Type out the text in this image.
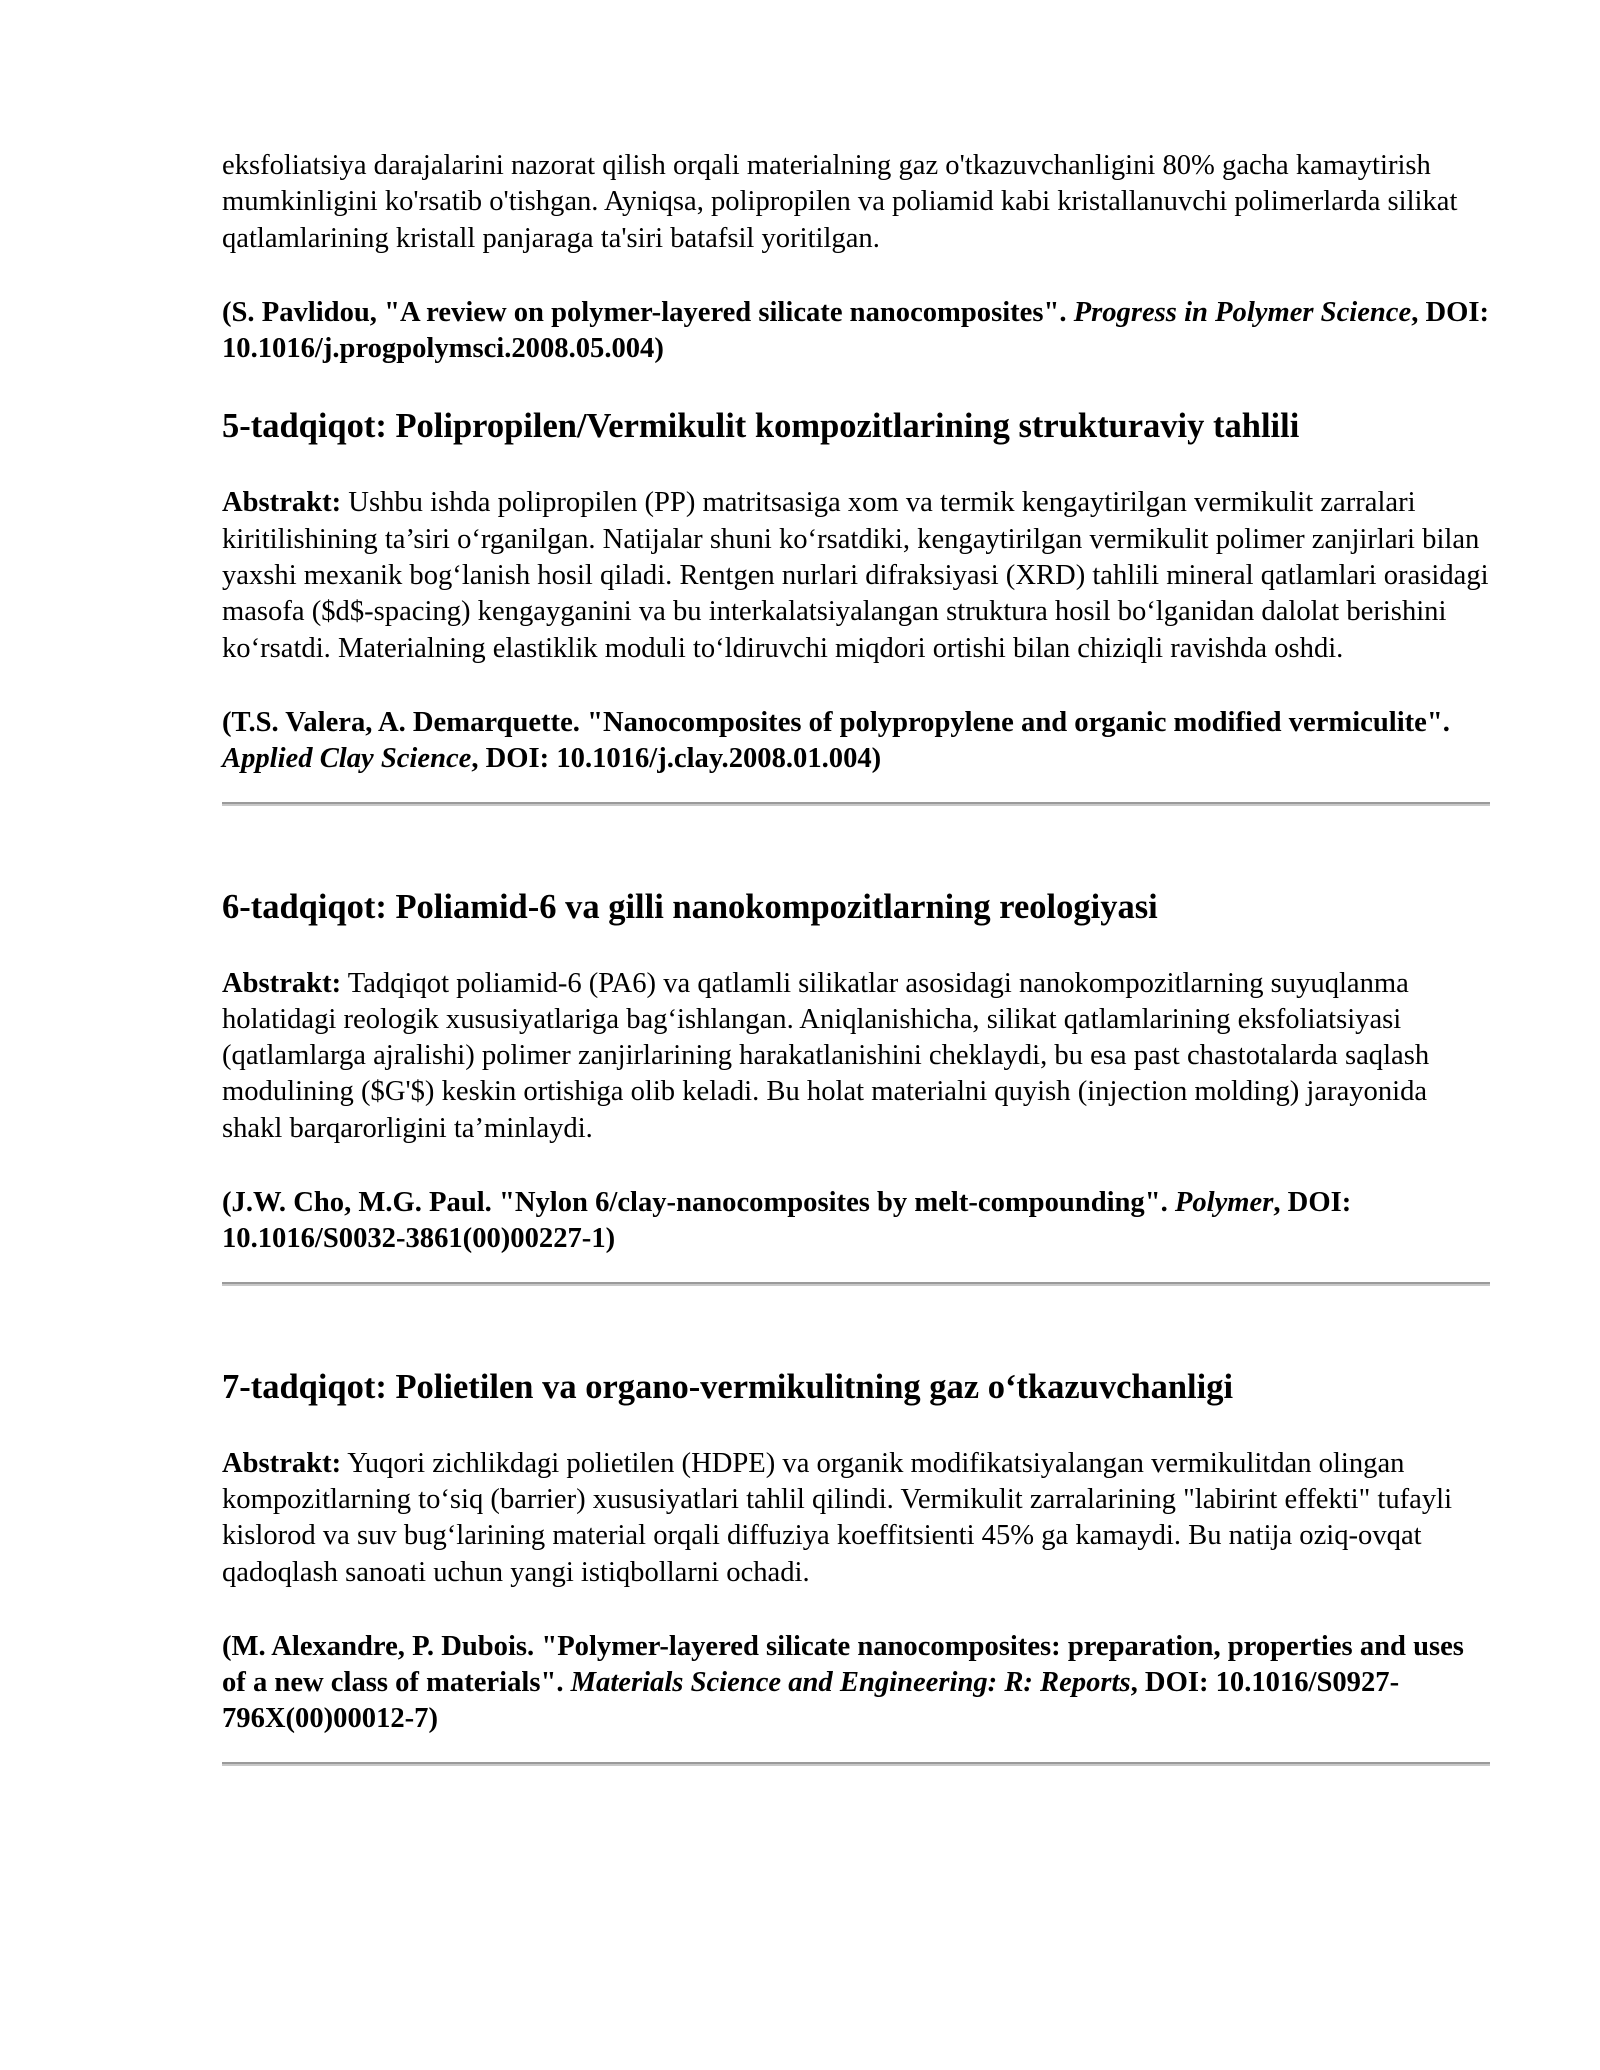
eksfoliatsiya darajalarini nazorat qilish orqali materialning gaz o'tkazuvchanligini 80% gacha kamaytirish mumkinligini ko'rsatib o'tishgan. Ayniqsa, polipropilen va poliamid kabi kristallanuvchi polimerlarda silikat qatlamlarining kristall panjaraga ta'siri batafsil yoritilgan.

(S. Pavlidou, "A review on polymer-layered silicate nanocomposites". Progress in Polymer Science, DOI: 10.1016/j.progpolymsci.2008.05.004)

5-tadqiqot: Polipropilen/Vermikulit kompozitlarining strukturaviy tahlili

Abstrakt: Ushbu ishda polipropilen (PP) matritsasiga xom va termik kengaytirilgan vermikulit zarralari kiritilishining ta’siri o‘rganilgan. Natijalar shuni ko‘rsatdiki, kengaytirilgan vermikulit polimer zanjirlari bilan yaxshi mexanik bog‘lanish hosil qiladi. Rentgen nurlari difraksiyasi (XRD) tahlili mineral qatlamlari orasidagi masofa ($d$-spacing) kengayganini va bu interkalatsiyalangan struktura hosil bo‘lganidan dalolat berishini ko‘rsatdi. Materialning elastiklik moduli to‘ldiruvchi miqdori ortishi bilan chiziqli ravishda oshdi.

(T.S. Valera, A. Demarquette. "Nanocomposites of polypropylene and organic modified vermiculite". Applied Clay Science, DOI: 10.1016/j.clay.2008.01.004)

6-tadqiqot: Poliamid-6 va gilli nanokompozitlarning reologiyasi

Abstrakt: Tadqiqot poliamid-6 (PA6) va qatlamli silikatlar asosidagi nanokompozitlarning suyuqlanma holatidagi reologik xususiyatlariga bag‘ishlangan. Aniqlanishicha, silikat qatlamlarining eksfoliatsiyasi (qatlamlarga ajralishi) polimer zanjirlarining harakatlanishini cheklaydi, bu esa past chastotalarda saqlash modulining ($G'$) keskin ortishiga olib keladi. Bu holat materialni quyish (injection molding) jarayonida shakl barqarorligini ta’minlaydi.

(J.W. Cho, M.G. Paul. "Nylon 6/clay-nanocomposites by melt-compounding". Polymer, DOI: 10.1016/S0032-3861(00)00227-1)

7-tadqiqot: Polietilen va organo-vermikulitning gaz o‘tkazuvchanligi

Abstrakt: Yuqori zichlikdagi polietilen (HDPE) va organik modifikatsiyalangan vermikulitdan olingan kompozitlarning to‘siq (barrier) xususiyatlari tahlil qilindi. Vermikulit zarralarining "labirint effekti" tufayli kislorod va suv bug‘larining material orqali diffuziya koeffitsienti 45% ga kamaydi. Bu natija oziq-ovqat qadoqlash sanoati uchun yangi istiqbollarni ochadi.

(M. Alexandre, P. Dubois. "Polymer-layered silicate nanocomposites: preparation, properties and uses of a new class of materials". Materials Science and Engineering: R: Reports, DOI: 10.1016/S0927-796X(00)00012-7)
